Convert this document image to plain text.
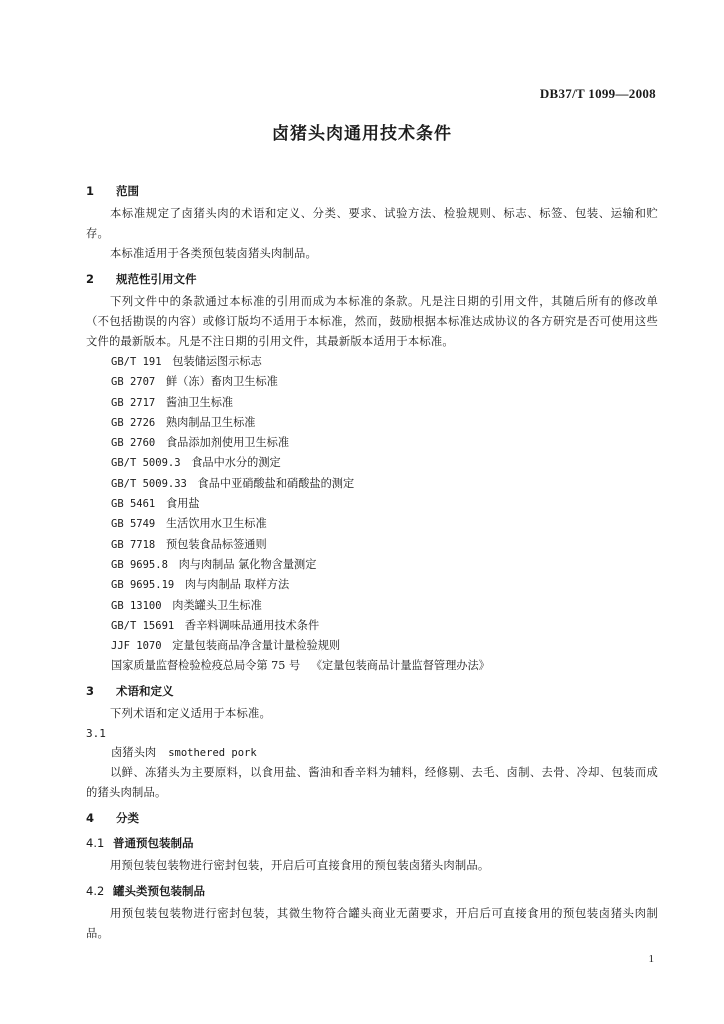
DB37/T 1099—2008
卤猪头肉通用技术条件
1 范围

本标准规定了卤猪头肉的术语和定义、分类、要求、试验方法、检验规则、标志、标签、包装、运输和贮存。

本标准适用于各类预包装卤猪头肉制品。

2 规范性引用文件

下列文件中的条款通过本标准的引用而成为本标准的条款。凡是注日期的引用文件，其随后所有的修改单（不包括勘误的内容）或修订版均不适用于本标准，然而，鼓励根据本标准达成协议的各方研究是否可使用这些文件的最新版本。凡是不注日期的引用文件，其最新版本适用于本标准。

GB/T 191 包装储运图示标志
GB 2707 鲜（冻）畜肉卫生标准
GB 2717 酱油卫生标准
GB 2726 熟肉制品卫生标准
GB 2760 食品添加剂使用卫生标准
GB/T 5009.3 食品中水分的测定
GB/T 5009.33 食品中亚硝酸盐和硝酸盐的测定
GB 5461 食用盐
GB 5749 生活饮用水卫生标准
GB 7718 预包装食品标签通则
GB 9695.8 肉与肉制品 氯化物含量测定
GB 9695.19 肉与肉制品 取样方法
GB 13100 肉类罐头卫生标准
GB/T 15691 香辛料调味品通用技术条件
JJF 1070 定量包装商品净含量计量检验规则
国家质量监督检验检疫总局令第 75 号 《定量包装商品计量监督管理办法》
3 术语和定义

下列术语和定义适用于本标准。

3.1
卤猪头肉 smothered pork

以鲜、冻猪头为主要原料，以食用盐、酱油和香辛料为辅料，经修剔、去毛、卤制、去骨、冷却、包装而成的猪头肉制品。

4 分类
4.1 普通预包装制品

用预包装包装物进行密封包装，开启后可直接食用的预包装卤猪头肉制品。

4.2 罐头类预包装制品

用预包装包装物进行密封包装，其微生物符合罐头商业无菌要求，开启后可直接食用的预包装卤猪头肉制品。

1
